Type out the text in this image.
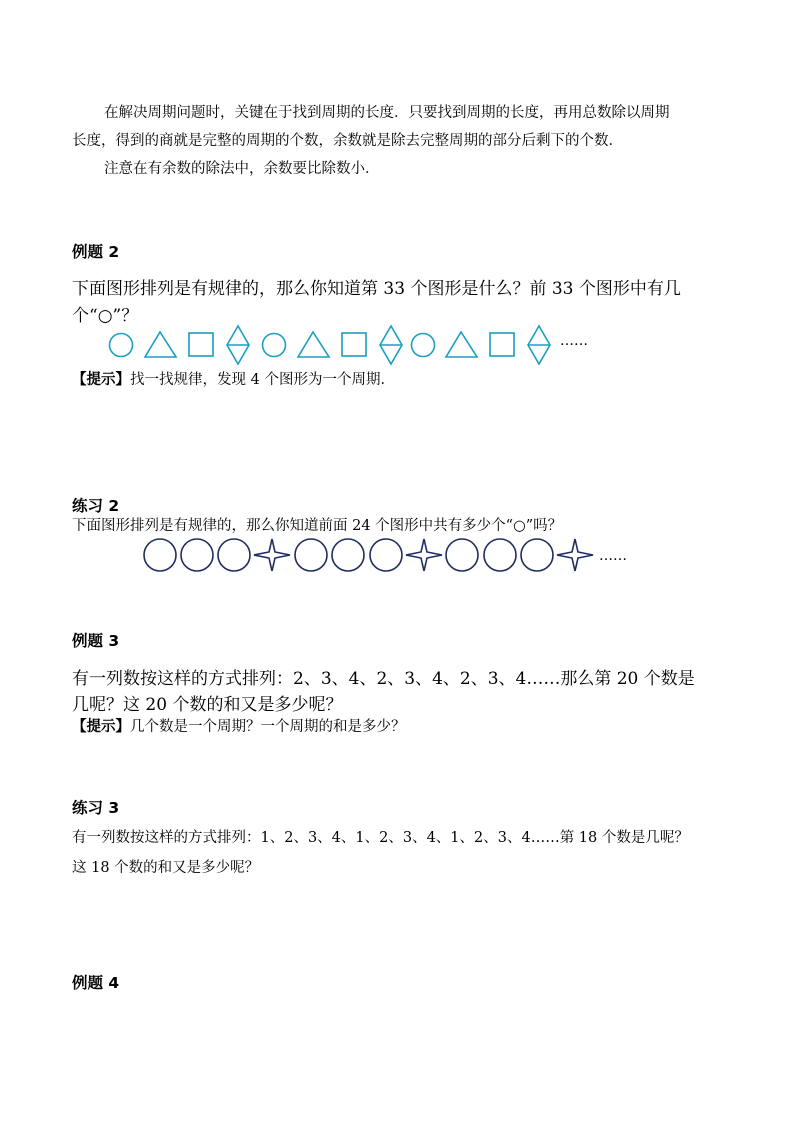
在解决周期问题时，关键在于找到周期的长度．只要找到周期的长度，再用总数除以周期
长度，得到的商就是完整的周期的个数，余数就是除去完整周期的部分后剩下的个数．
注意在有余数的除法中，余数要比除数小．
例题 2
下面图形排列是有规律的，那么你知道第 33 个图形是什么？前 33 个图形中有几
个“○”？
……
【提示】找一找规律，发现 4 个图形为一个周期．
练习 2
下面图形排列是有规律的，那么你知道前面 24 个图形中共有多少个“○”吗？
……
例题 3
有一列数按这样的方式排列：2、3、4、2、3、4、2、3、4……那么第 20 个数是
几呢？这 20 个数的和又是多少呢？
【提示】几个数是一个周期？一个周期的和是多少？
练习 3
有一列数按这样的方式排列：1、2、3、4、1、2、3、4、1、2、3、4……第 18 个数是几呢？
这 18 个数的和又是多少呢？
例题 4
